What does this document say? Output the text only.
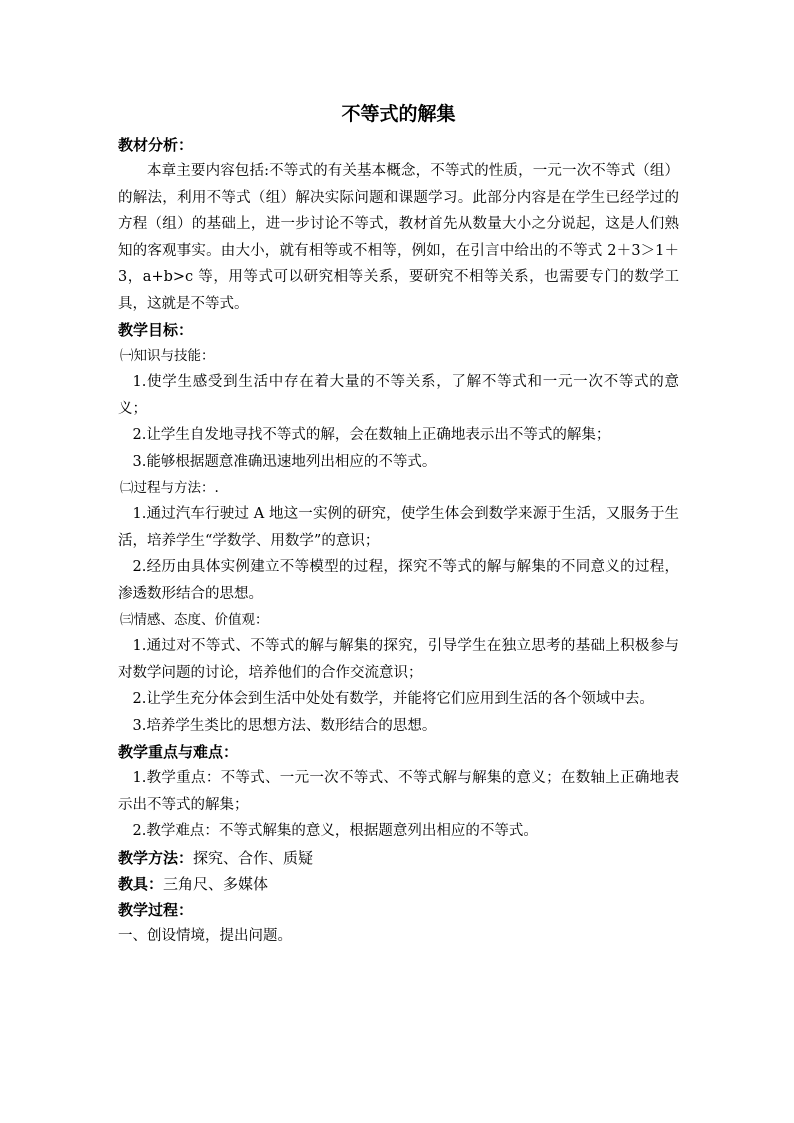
不等式的解集
教材分析：

本章主要内容包括:不等式的有关基本概念，不等式的性质，一元一次不等式（组）的解法，利用不等式（组）解决实际问题和课题学习。此部分内容是在学生已经学过的方程（组）的基础上，进一步讨论不等式，教材首先从数量大小之分说起，这是人们熟知的客观事实。由大小，就有相等或不相等，例如，在引言中给出的不等式 2＋3＞1＋3，a+b>c 等，用等式可以研究相等关系，要研究不相等关系，也需要专门的数学工具，这就是不等式。

教学目标：
㈠知识与技能：

1.使学生感受到生活中存在着大量的不等关系，了解不等式和一元一次不等式的意义；

2.让学生自发地寻找不等式的解，会在数轴上正确地表示出不等式的解集；

3.能够根据题意准确迅速地列出相应的不等式。

㈡过程与方法：.

1.通过汽车行驶过 A 地这一实例的研究，使学生体会到数学来源于生活，又服务于生活，培养学生“学数学、用数学”的意识；

2.经历由具体实例建立不等模型的过程，探究不等式的解与解集的不同意义的过程，渗透数形结合的思想。

㈢情感、态度、价值观：

1.通过对不等式、不等式的解与解集的探究，引导学生在独立思考的基础上积极参与对数学问题的讨论，培养他们的合作交流意识；

2.让学生充分体会到生活中处处有数学，并能将它们应用到生活的各个领域中去。

3.培养学生类比的思想方法、数形结合的思想。

教学重点与难点：

1.教学重点：不等式、一元一次不等式、不等式解与解集的意义；在数轴上正确地表示出不等式的解集；

2.教学难点：不等式解集的意义，根据题意列出相应的不等式。

教学方法：探究、合作、质疑
教具：三角尺、多媒体
教学过程：
一、创设情境，提出问题。
